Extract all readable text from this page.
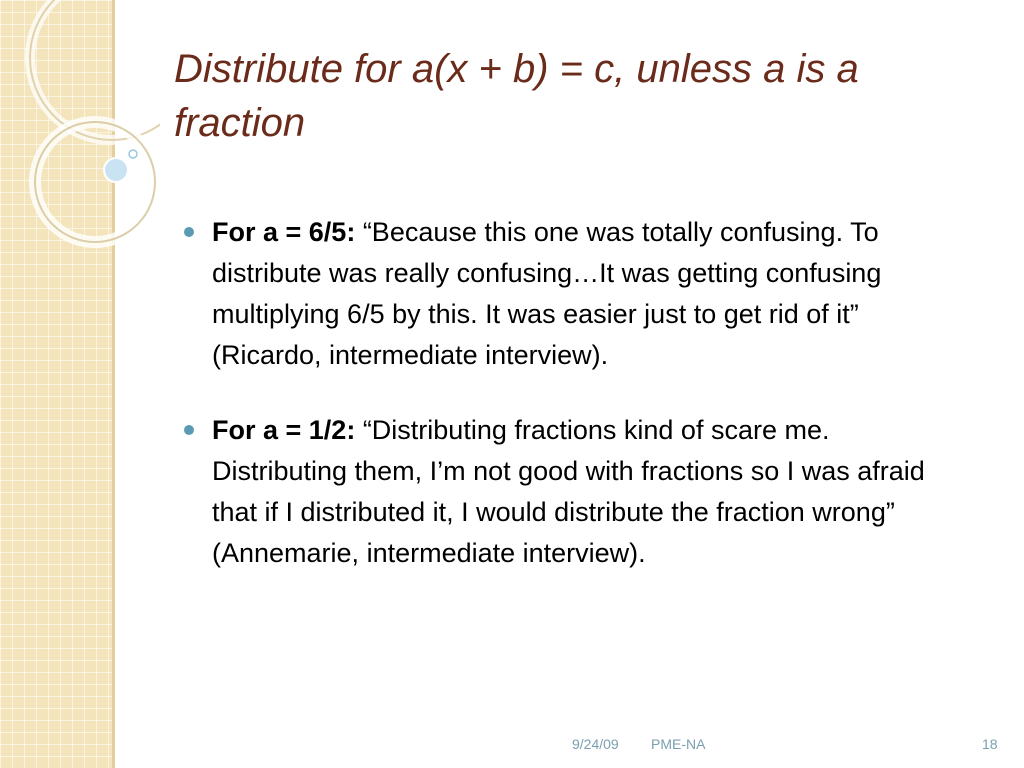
Distribute for a(x + b) = c, unless a is a fraction
For a = 6/5: “Because this one was totally confusing. To distribute was really confusing…It was getting confusing multiplying 6/5 by this. It was easier just to get rid of it” (Ricardo, intermediate interview).
For a = 1/2: “Distributing fractions kind of scare me. Distributing them, I’m not good with fractions so I was afraid that if I distributed it, I would distribute the fraction wrong” (Annemarie, intermediate interview).
9/24/09 PME-NA	18
